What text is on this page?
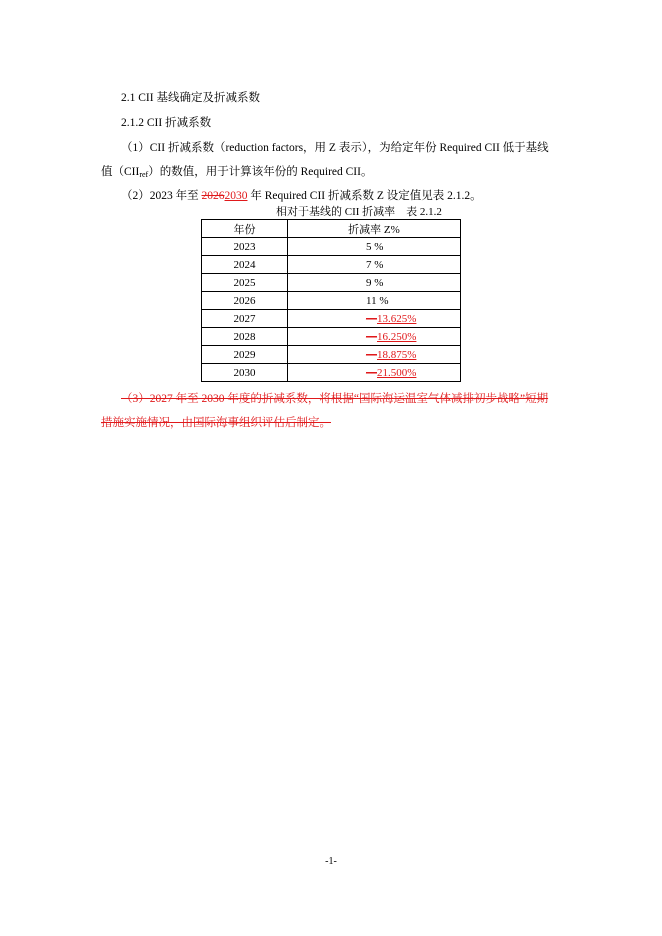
2.1 CII 基线确定及折减系数
2.1.2 CII 折减系数
（1）CII 折减系数（reduction factors，用 Z 表示），为给定年份 Required CII 低于基线
值$(CII_{ref})$的数值，用于计算该年份的 Required CII。
（2）2023 年至 20262030 年 Required CII 折减系数 Z 设定值见表 2.1.2。
相对于基线的 CII 折减率　表 2.1.2
年份	折减率 Z%
2023	5 %
2024	7 %
2025	9 %
2026	11 %
2027	—13.625%
2028	—16.250%
2029	—18.875%
2030	—21.500%
（3）2027 年至 2030 年度的折减系数，将根据“国际海运温室气体减排初步战略”短期
措施实施情况，由国际海事组织评估后制定。
-1-
